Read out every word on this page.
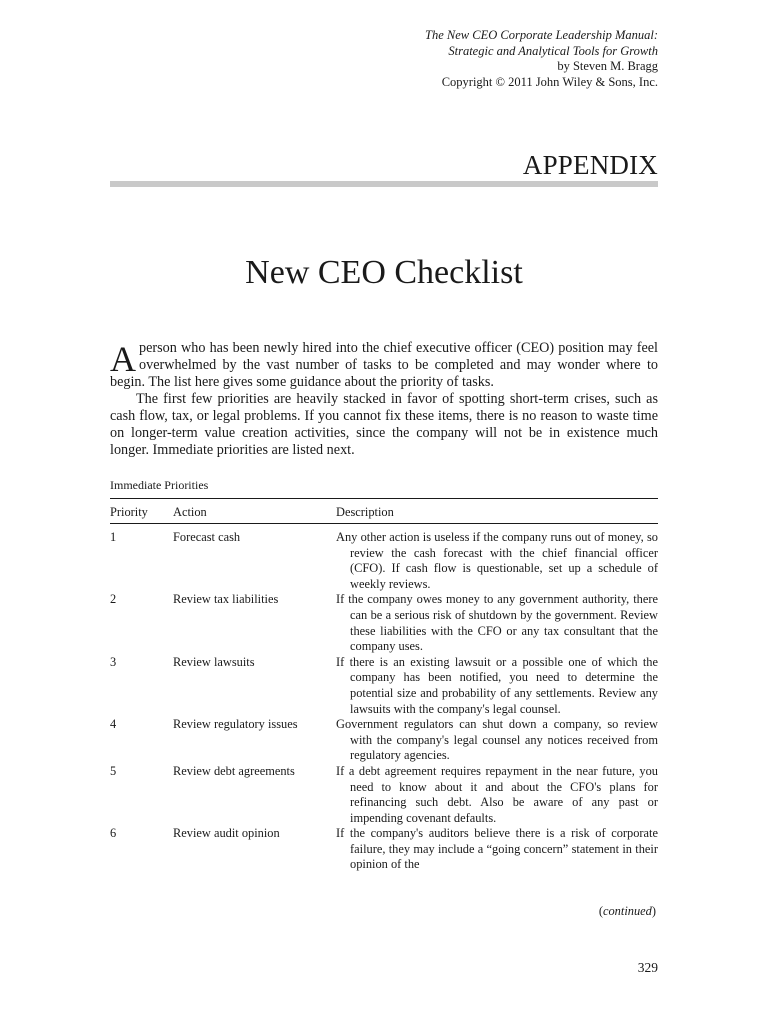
The New CEO Corporate Leadership Manual:
Strategic and Analytical Tools for Growth
by Steven M. Bragg
Copyright © 2011 John Wiley & Sons, Inc.
APPENDIX
New CEO Checklist

Aperson who has been newly hired into the chief executive officer (CEO) position may feel overwhelmed by the vast number of tasks to be completed and may wonder where to begin. The list here gives some guidance about the priority of tasks.

The first few priorities are heavily stacked in favor of spotting short-term crises, such as cash flow, tax, or legal problems. If you cannot fix these items, there is no reason to waste time on longer-term value creation activities, since the company will not be in existence much longer. Immediate priorities are listed next.

Immediate Priorities
Priority Action	Description
1	Forecast cash	Any other action is useless if the company runs out of money, so review the cash forecast with the chief financial officer (CFO). If cash flow is questionable, set up a schedule of weekly reviews.
2	Review tax liabilities	If the company owes money to any government authority, there can be a serious risk of shutdown by the government. Review these liabilities with the CFO or any tax consultant that the company uses.
3	Review lawsuits	If there is an existing lawsuit or a possible one of which the company has been notified, you need to determine the potential size and probability of any settlements. Review any lawsuits with the company's legal counsel.
4	Review regulatory issues	Government regulators can shut down a company, so review with the company's legal counsel any notices received from regulatory agencies.
5	Review debt agreements	If a debt agreement requires repayment in the near future, you need to know about it and about the CFO's plans for refinancing such debt. Also be aware of any past or impending covenant defaults.
6	Review audit opinion	If the company's auditors believe there is a risk of corporate failure, they may include a “going concern” statement in their opinion of the
(continued)
329
